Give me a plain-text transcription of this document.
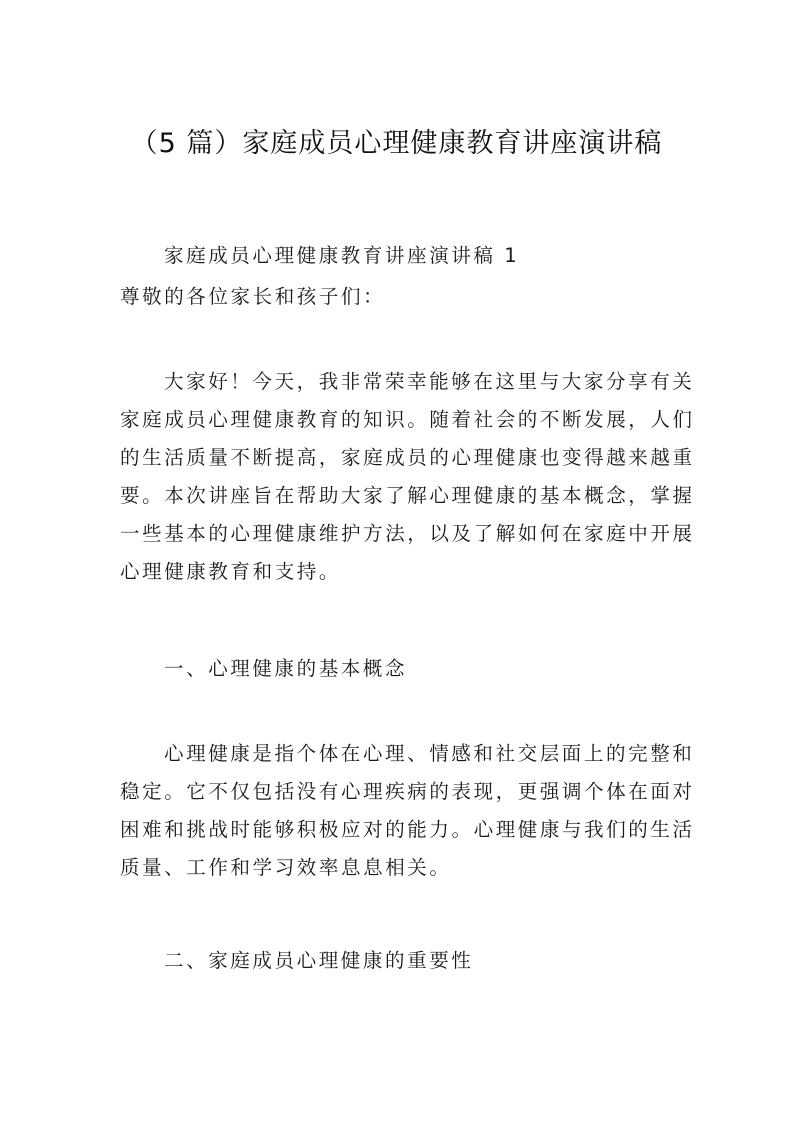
（5 篇）家庭成员心理健康教育讲座演讲稿
家庭成员心理健康教育讲座演讲稿 1
尊敬的各位家长和孩子们：
大家好！今天，我非常荣幸能够在这里与大家分享有关
家庭成员心理健康教育的知识。随着社会的不断发展，人们
的生活质量不断提高，家庭成员的心理健康也变得越来越重
要。本次讲座旨在帮助大家了解心理健康的基本概念，掌握
一些基本的心理健康维护方法，以及了解如何在家庭中开展
心理健康教育和支持。
一、心理健康的基本概念
心理健康是指个体在心理、情感和社交层面上的完整和
稳定。它不仅包括没有心理疾病的表现，更强调个体在面对
困难和挑战时能够积极应对的能力。心理健康与我们的生活
质量、工作和学习效率息息相关。
二、家庭成员心理健康的重要性
